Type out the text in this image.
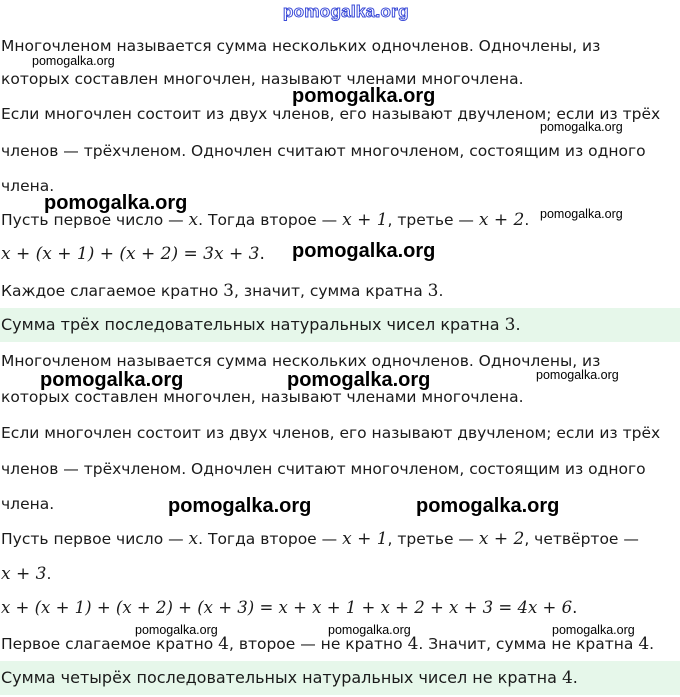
pomogalka.org
Многочленом называется сумма нескольких одночленов. Одночлены, из
которых составлен многочлен, называют членами многочлена.
Если многочлен состоит из двух членов, его называют двучленом; если из трёх
членов — трёхчленом. Одночлен считают многочленом, состоящим из одного
члена.
Пусть первое число — x. Тогда второе — x + 1, третье — x + 2.
x + (x + 1) + (x + 2) = 3x + 3.
Каждое слагаемое кратно 3, значит, сумма кратна 3.
Сумма трёх последовательных натуральных чисел кратна 3.
Многочленом называется сумма нескольких одночленов. Одночлены, из
которых составлен многочлен, называют членами многочлена.
Если многочлен состоит из двух членов, его называют двучленом; если из трёх
членов — трёхчленом. Одночлен считают многочленом, состоящим из одного
члена.
Пусть первое число — x. Тогда второе — x + 1, третье — x + 2, четвёртое —
x + 3.
x + (x + 1) + (x + 2) + (x + 3) = x + x + 1 + x + 2 + x + 3 = 4x + 6.
Первое слагаемое кратно 4, второе — не кратно 4. Значит, сумма не кратна 4.
Сумма четырёх последовательных натуральных чисел не кратна 4.
pomogalka.org
pomogalka.org
pomogalka.org
pomogalka.org	pomogalka.org
pomogalka.org
pomogalka.org	pomogalka.org	pomogalka.org
pomogalka.org	pomogalka.org
pomogalka.org	pomogalka.org	pomogalka.org
